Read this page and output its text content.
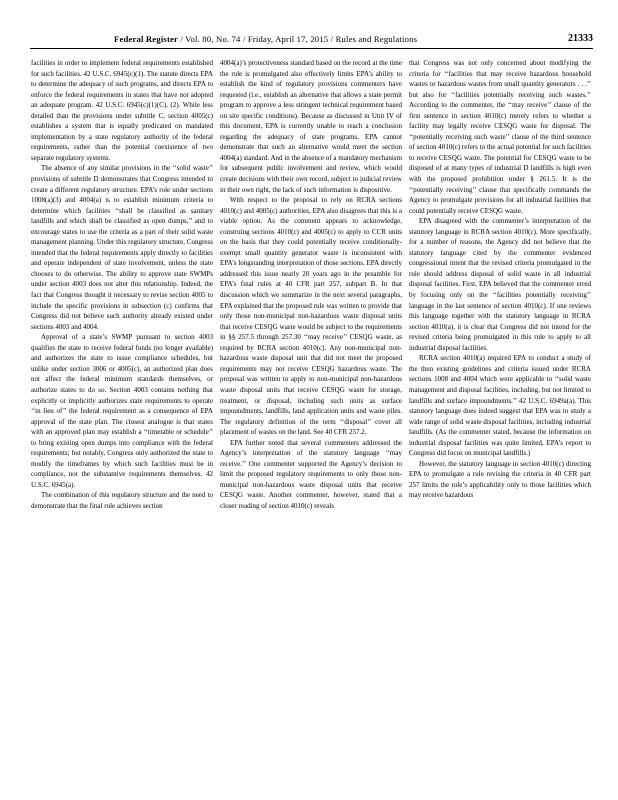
Federal Register / Vol. 80, No. 74 / Friday, April 17, 2015 / Rules and Regulations	21333

facilities in order to implement federal requirements established for such facilities. 42 U.S.C. 6945(c)(1). The statute directs EPA to determine the adequacy of such programs, and directs EPA to enforce the federal requirements in states that have not adopted an adequate program. 42 U.S.C. 6945(c)(1)(C), (2). While less detailed than the provisions under subtitle C, section 4005(c) establishes a system that is equally predicated on mandated implementation by a state regulatory authority of the federal requirements, rather than the potential coexistence of two separate regulatory systems.

The absence of any similar provisions in the ‘‘solid waste’’ provisions of subtitle D demonstrates that Congress intended to create a different regulatory structure. EPA’s role under sections 1008(a)(3) and 4004(a) is to establish minimum criteria to determine which facilities ‘‘shall be classified as sanitary landfills and which shall be classified as open dumps,’’ and to encourage states to use the criteria as a part of their solid waste management planning. Under this regulatory structure, Congress intended that the federal requirements apply directly to facilities and operate independent of state involvement, unless the state chooses to do otherwise. The ability to approve state SWMPs under section 4003 does not alter this relationship. Indeed, the fact that Congress thought it necessary to revise section 4005 to include the specific provisions in subsection (c) confirms that Congress did not believe such authority already existed under sections 4003 and 4004.

Approval of a state’s SWMP pursuant to section 4003 qualifies the state to receive federal funds (no longer available) and authorizes the state to issue compliance schedules, but unlike under section 3006 or 4005(c), an authorized plan does not affect the federal minimum standards themselves, or authorize states to do so. Section 4003 contains nothing that explicitly or implicitly authorizes state requirements to operate ‘‘in lieu of’’ the federal requirement as a consequence of EPA approval of the state plan. The closest analogue is that states with an approved plan may establish a ‘‘timetable or schedule’’ to bring existing open dumps into compliance with the federal requirements; but notably, Congress only authorized the state to modify the timeframes by which such facilities must be in compliance, not the substantive requirements themselves. 42 U.S.C. 6945(a).

The combination of this regulatory structure and the need to demonstrate that the final rule achieves section

4004(a)’s protectiveness standard based on the record at the time the rule is promulgated also effectively limits EPA’s ability to establish the kind of regulatory provisions commenters have requested (i.e., establish an alternative that allows a state permit program to approve a less stringent technical requirement based on site specific conditions). Because as discussed in Unit IV of this document, EPA is currently unable to reach a conclusion regarding the adequacy of state programs, EPA cannot demonstrate that such an alternative would meet the section 4004(a) standard. And in the absence of a mandatory mechanism for subsequent public involvement and review, which would create decisions with their own record, subject to judicial review in their own right, the lack of such information is dispositive.

With respect to the proposal to rely on RCRA sections 4010(c) and 4005(c) authorities, EPA also disagrees that this is a viable option. As the comment appears to acknowledge, construing sections 4010(c) and 4005(c) to apply to CCR units on the basis that they could potentially receive conditionally-exempt small quantity generator waste is inconsistent with EPA’s longstanding interpretation of those sections. EPA directly addressed this issue nearly 20 years ago in the preamble for EPA’s final rules at 40 CFR part 257, subpart B. In that discussion which we summarize in the next several paragraphs, EPA explained that the proposed rule was written to provide that only those non-municipal non-hazardous waste disposal units that receive CESQG waste would be subject to the requirements in §§ 257.5 through 257.30 ‘‘may receive’’ CESQG waste, as required by RCRA section 4010(c). Any non-municipal non-hazardous waste disposal unit that did not meet the proposed requirements may not receive CESQG hazardous waste. The proposal was written to apply to non-municipal non-hazardous waste disposal units that receive CESQG waste for storage, treatment, or disposal, including such units as surface impoundments, landfills, land application units and waste piles. The regulatory definition of the term ‘‘disposal’’ cover all placement of wastes on the land. See 40 CFR 257.2.

EPA further noted that several commenters addressed the Agency’s interpretation of the statutory language ‘‘may receive.’’ One commenter supported the Agency’s decision to limit the proposed regulatory requirements to only those non-municipal non-hazardous waste disposal units that receive CESQG waste. Another commenter, however, stated that a closer reading of section 4010(c) reveals

that Congress was not only concerned about modifying the criteria for ‘‘facilities that may receive hazardous household wastes or hazardous wastes from small quantity generators . . .’’ but also for ‘‘facilities potentially receiving such wastes.’’ According to the commenter, the ‘‘may receive’’ clause of the first sentence in section 4010(c) merely refers to whether a facility may legally receive CESQG waste for disposal. The ‘‘potentially receiving such waste’’ clause of the third sentence of section 4010(c) refers to the actual potential for such facilities to receive CESQG waste. The potential for CESQG waste to be disposed of at many types of industrial D landfills is high even with the proposed prohibition under § 261.5. It is the ‘‘potentially receiving’’ clause that specifically commands the Agency to promulgate provisions for all industrial facilities that could potentially receive CESQG waste.

EPA disagreed with the commenter’s interpretation of the statutory language in RCRA section 4010(c). More specifically, for a number of reasons, the Agency did not believe that the statutory language cited by the commenter evidenced congressional intent that the revised criteria promulgated in the rule should address disposal of solid waste in all industrial disposal facilities. First, EPA believed that the commenter erred by focusing only on the ‘‘facilities potentially receiving’’ language in the last sentence of section 4010(c). If one reviews this language together with the statutory language in RCRA section 4010(a), it is clear that Congress did not intend for the revised criteria being promulgated in this rule to apply to all industrial disposal facilities.

RCRA section 4010(a) required EPA to conduct a study of the then existing guidelines and criteria issued under RCRA sections 1008 and 4004 which were applicable to ‘‘solid waste management and disposal facilities, including, but not limited to landfills and surface impoundments.’’ 42 U.S.C. 6949a(a). This statutory language does indeed suggest that EPA was to study a wide range of solid waste disposal facilities, including industrial landfills. (As the commenter stated, because the information on industrial disposal facilities was quite limited, EPA’s report to Congress did focus on municipal landfills.)

However, the statutory language in section 4010(c) directing EPA to promulgate a rule revising the criteria in 40 CFR part 257 limits the rule’s applicability only to those facilities which may receive hazardous
